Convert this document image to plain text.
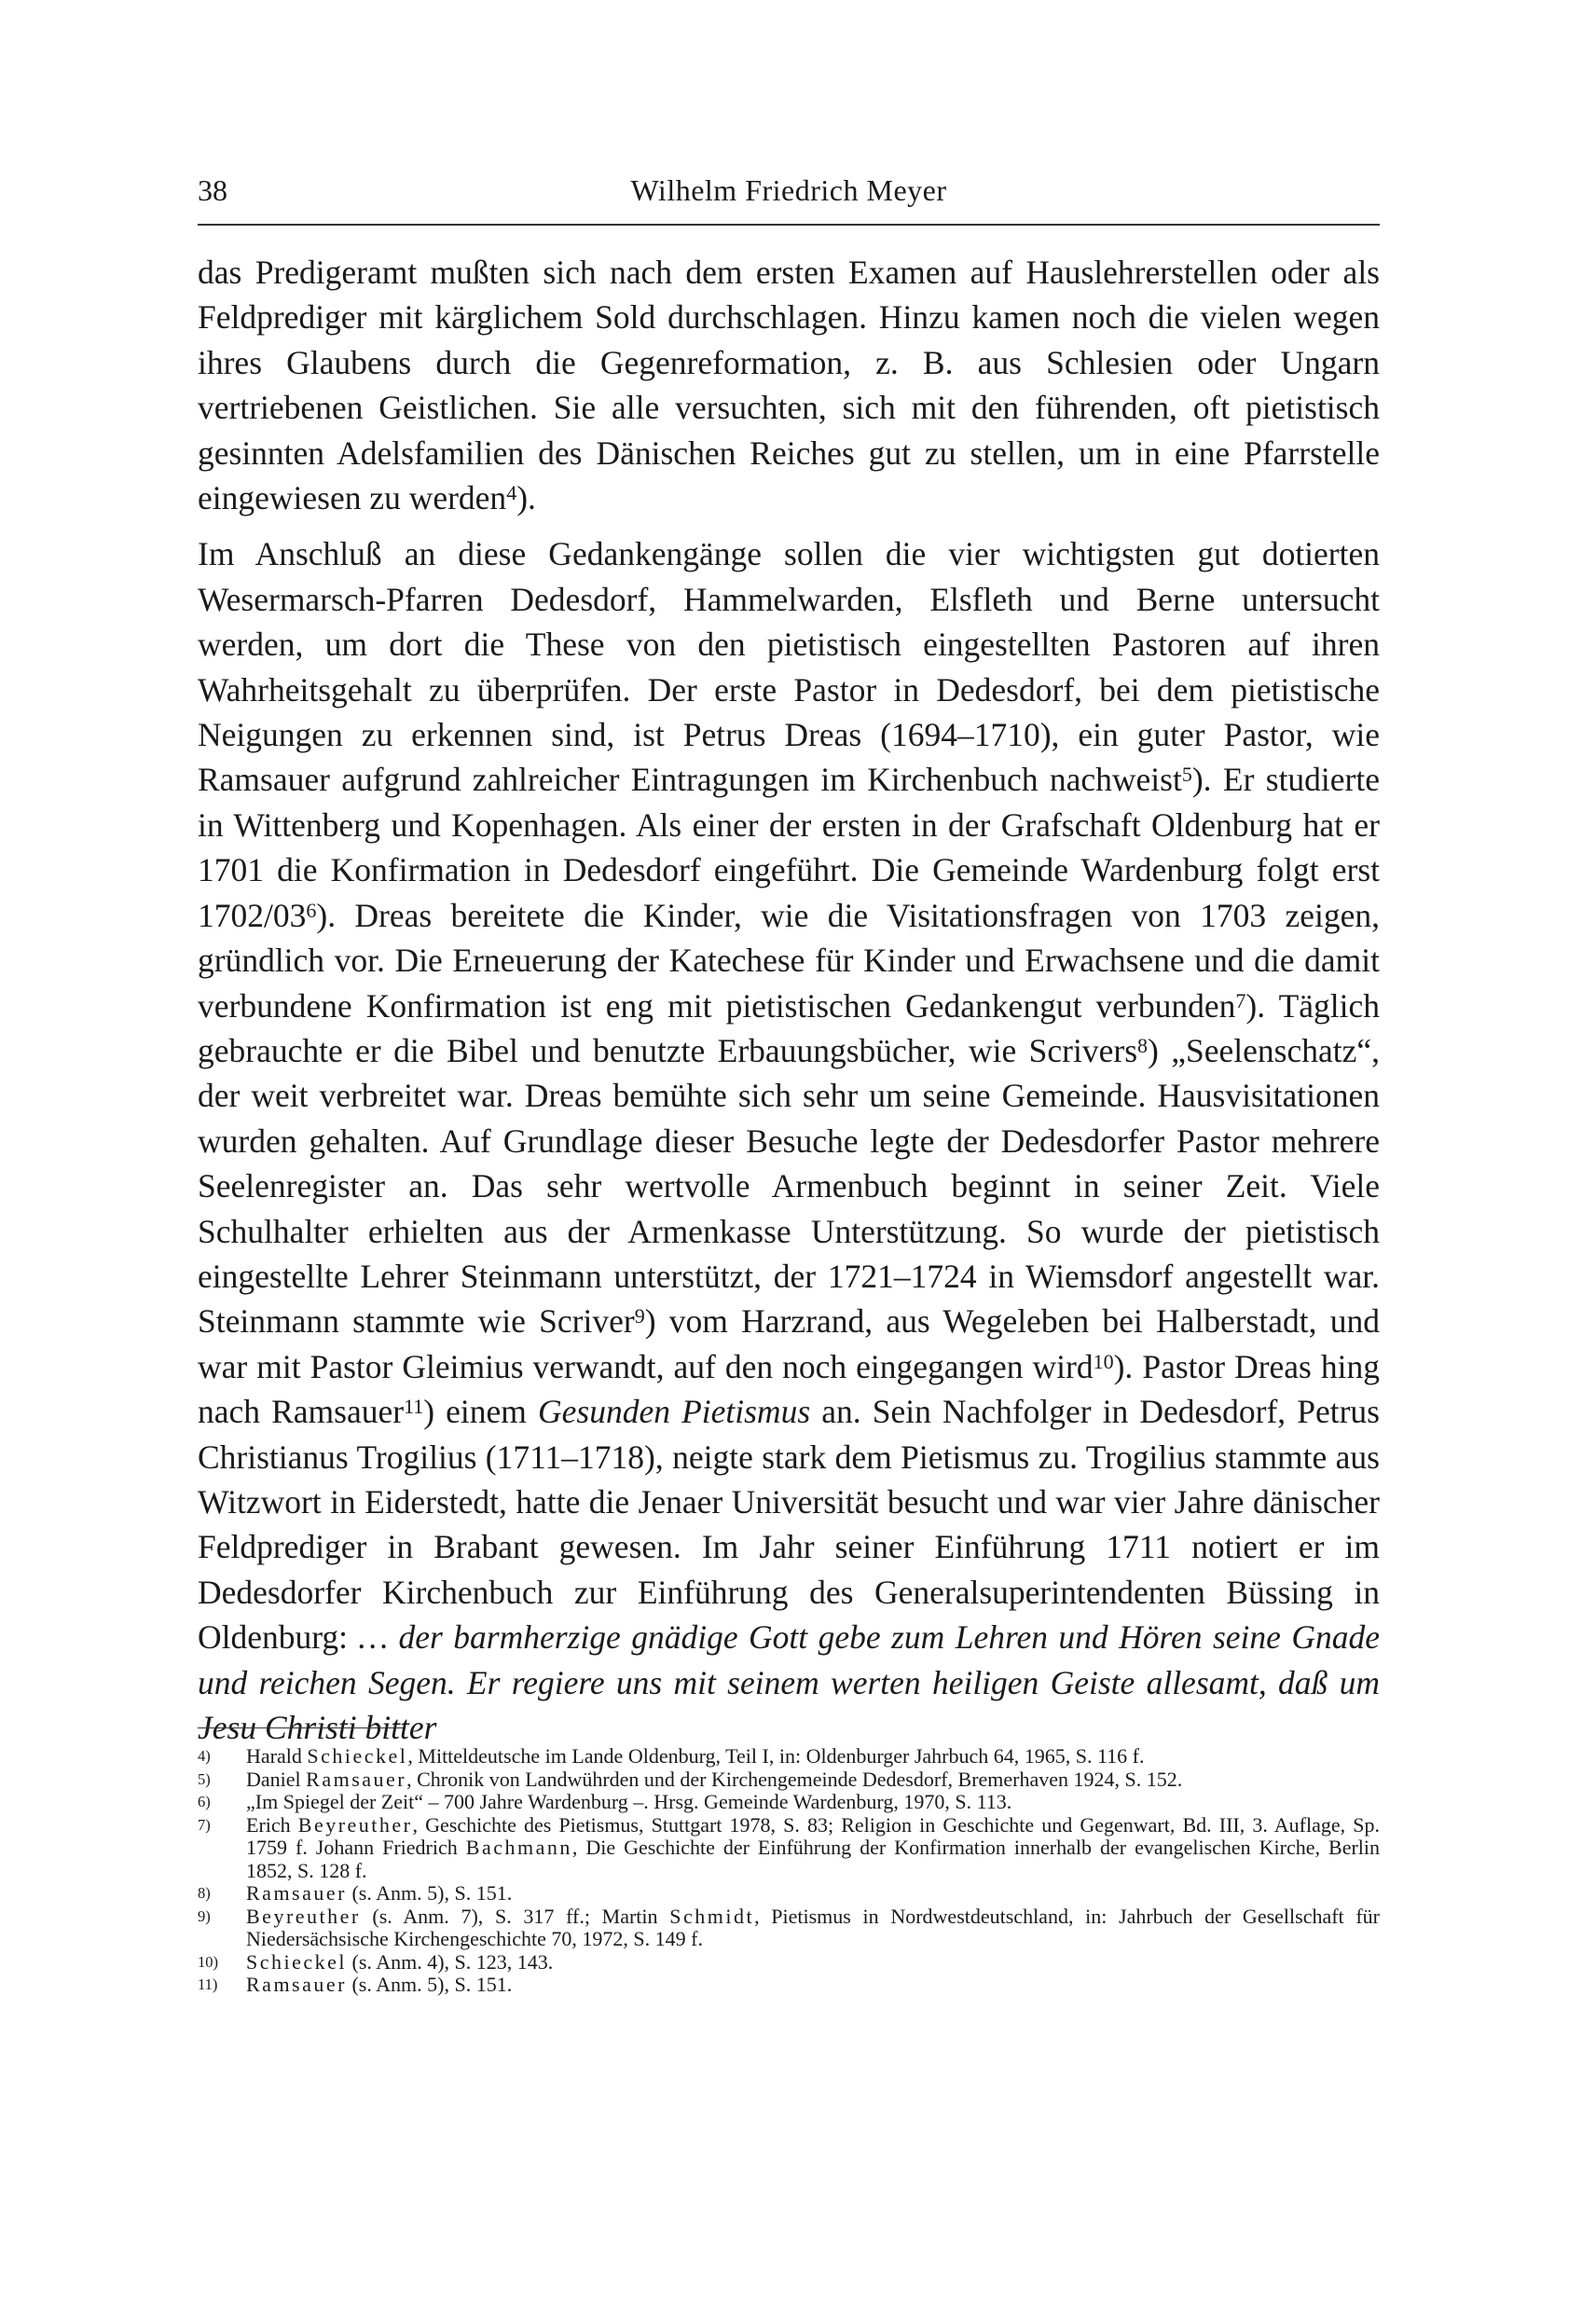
38	Wilhelm Friedrich Meyer

das Predigeramt mußten sich nach dem ersten Examen auf Hauslehrerstellen oder als Feldprediger mit kärglichem Sold durchschlagen. Hinzu kamen noch die vielen wegen ihres Glaubens durch die Gegenreformation, z. B. aus Schlesien oder Ungarn vertriebenen Geistlichen. Sie alle versuchten, sich mit den führenden, oft pietistisch gesinnten Adelsfamilien des Dänischen Reiches gut zu stellen, um in eine Pfarrstelle eingewiesen zu werden$^4$).

Im Anschluß an diese Gedankengänge sollen die vier wichtigsten gut dotierten Wesermarsch-Pfarren Dedesdorf, Hammelwarden, Elsfleth und Berne untersucht werden, um dort die These von den pietistisch eingestellten Pastoren auf ihren Wahrheitsgehalt zu überprüfen. Der erste Pastor in Dedesdorf, bei dem pietistische Neigungen zu erkennen sind, ist Petrus Dreas (1694–1710), ein guter Pastor, wie Ramsauer aufgrund zahlreicher Eintragungen im Kirchenbuch nachweist$^5$). Er studierte in Wittenberg und Kopenhagen. Als einer der ersten in der Grafschaft Oldenburg hat er 1701 die Konfirmation in Dedesdorf eingeführt. Die Gemeinde Wardenburg folgt erst 1702/03$^6$). Dreas bereitete die Kinder, wie die Visitationsfragen von 1703 zeigen, gründlich vor. Die Erneuerung der Katechese für Kinder und Erwachsene und die damit verbundene Konfirmation ist eng mit pietistischen Gedankengut verbunden$^7$). Täglich gebrauchte er die Bibel und benutzte Erbauungsbücher, wie Scrivers$^8$) „Seelenschatz“, der weit verbreitet war. Dreas bemühte sich sehr um seine Gemeinde. Hausvisitationen wurden gehalten. Auf Grundlage dieser Besuche legte der Dedesdorfer Pastor mehrere Seelenregister an. Das sehr wertvolle Armenbuch beginnt in seiner Zeit. Viele Schulhalter erhielten aus der Armenkasse Unterstützung. So wurde der pietistisch eingestellte Lehrer Steinmann unterstützt, der 1721–1724 in Wiemsdorf angestellt war. Steinmann stammte wie Scriver$^9$) vom Harzrand, aus Wegeleben bei Halberstadt, und war mit Pastor Gleimius verwandt, auf den noch eingegangen wird$^{10}$). Pastor Dreas hing nach Ramsauer$^{11}$) einem Gesunden Pietismus an. Sein Nachfolger in Dedesdorf, Petrus Christianus Trogilius (1711–1718), neigte stark dem Pietismus zu. Trogilius stammte aus Witzwort in Eiderstedt, hatte die Jenaer Universität besucht und war vier Jahre dänischer Feldprediger in Brabant gewesen. Im Jahr seiner Einführung 1711 notiert er im Dedesdorfer Kirchenbuch zur Einführung des Generalsuperintendenten Büssing in Oldenburg: … der barmherzige gnädige Gott gebe zum Lehren und Hören seine Gnade und reichen Segen. Er regiere uns mit seinem werten heiligen Geiste allesamt, daß um Jesu Christi bitter

4)	Harald Schieckel, Mitteldeutsche im Lande Oldenburg, Teil I, in: Oldenburger Jahrbuch 64, 1965, S. 116 f.
5)	Daniel Ramsauer, Chronik von Landwührden und der Kirchengemeinde Dedesdorf, Bremerhaven 1924, S. 152.
6)	„Im Spiegel der Zeit“ – 700 Jahre Wardenburg –. Hrsg. Gemeinde Wardenburg, 1970, S. 113.
7)	Erich Beyreuther, Geschichte des Pietismus, Stuttgart 1978, S. 83; Religion in Geschichte und Gegenwart, Bd. III, 3. Auflage, Sp. 1759 f. Johann Friedrich Bachmann, Die Geschichte der Einführung der Konfirmation innerhalb der evangelischen Kirche, Berlin 1852, S. 128 f.
8)	Ramsauer (s. Anm. 5), S. 151.
9)	Beyreuther (s. Anm. 7), S. 317 ff.; Martin Schmidt, Pietismus in Nordwestdeutschland, in: Jahrbuch der Gesellschaft für Niedersächsische Kirchengeschichte 70, 1972, S. 149 f.
10)	Schieckel (s. Anm. 4), S. 123, 143.
11)	Ramsauer (s. Anm. 5), S. 151.
